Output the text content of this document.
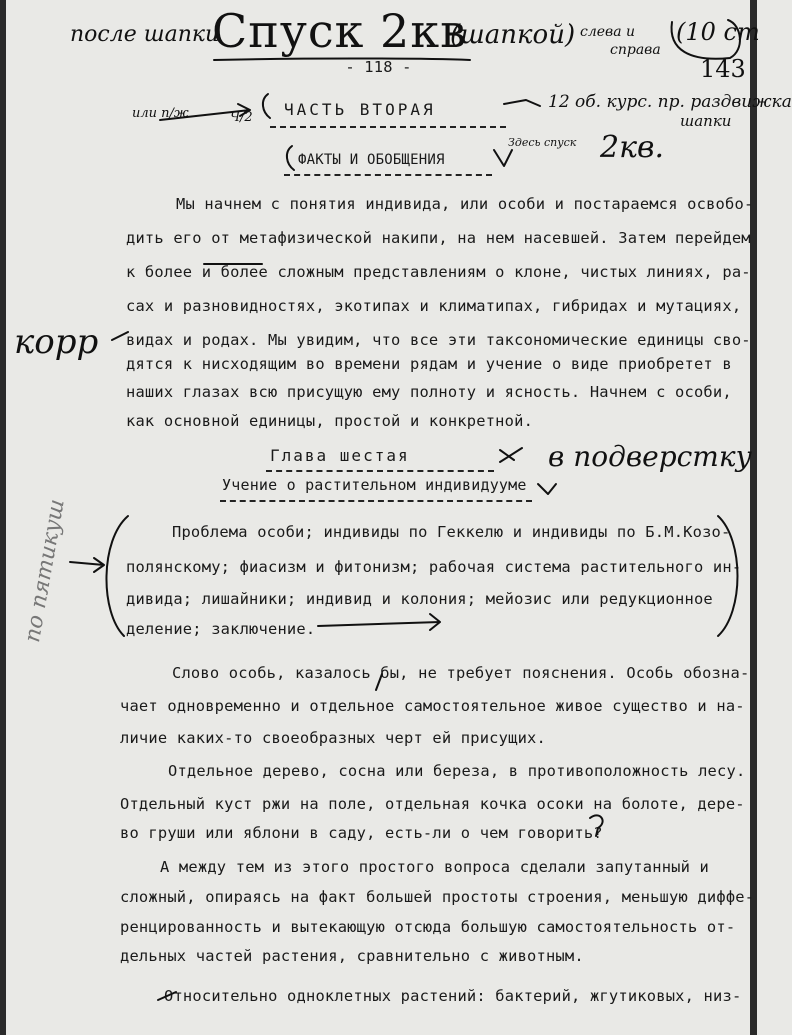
после шапки
Спуск 2кв
(шапкой) слева и
справа
(10 ст
143
или п/ж	Ч/2
12 об. курс. пр. раздвижка
шапки
Здесь спуск 2кв.
корр
в подверстку
по пятикуш
- 118 -
ЧАСТЬ ВТОРАЯ
ФАКТЫ И ОБОБЩЕНИЯ
Мы начнем с понятия индивида, или особи и постараемся освобо-
дить его от метафизической накипи, на нем насевшей. Затем перейдем
к более и более сложным представлениям о клоне, чистых линиях, ра-
сах и разновидностях, экотипах и климатипах, гибридах и мутациях,
видах и родах. Мы увидим, что все эти таксономические единицы сво-
дятся к нисходящим во времени рядам и учение о виде приобретет в
наших глазах всю присущую ему полноту и ясность. Начнем с особи,
как основной единицы, простой и конкретной.
Глава шестая
Учение о растительном индивидууме
Проблема особи; индивиды по Геккелю и индивиды по Б.М.Козо-
полянскому; фиасизм и фитонизм; рабочая система растительного ин-
дивида; лишайники; индивид и колония; мейозис или редукционное
деление; заключение.
Слово особь, казалось бы, не требует пояснения. Особь обозна-
чает одновременно и отдельное самостоятельное живое существо и на-
личие каких-то своеобразных черт ей присущих.
Отдельное дерево, сосна или береза, в противоположность лесу.
Отдельный куст ржи на поле, отдельная кочка осоки на болоте, дере-
во груши или яблони в саду, есть-ли о чем говорить?
А между тем из этого простого вопроса сделали запутанный и
сложный, опираясь на факт большей простоты строения, меньшую диффе-
ренцированность и вытекающую отсюда большую самостоятельность от-
дельных частей растения, сравнительно с животным.
Относительно одноклетных растений: бактерий, жгутиковых, низ-
